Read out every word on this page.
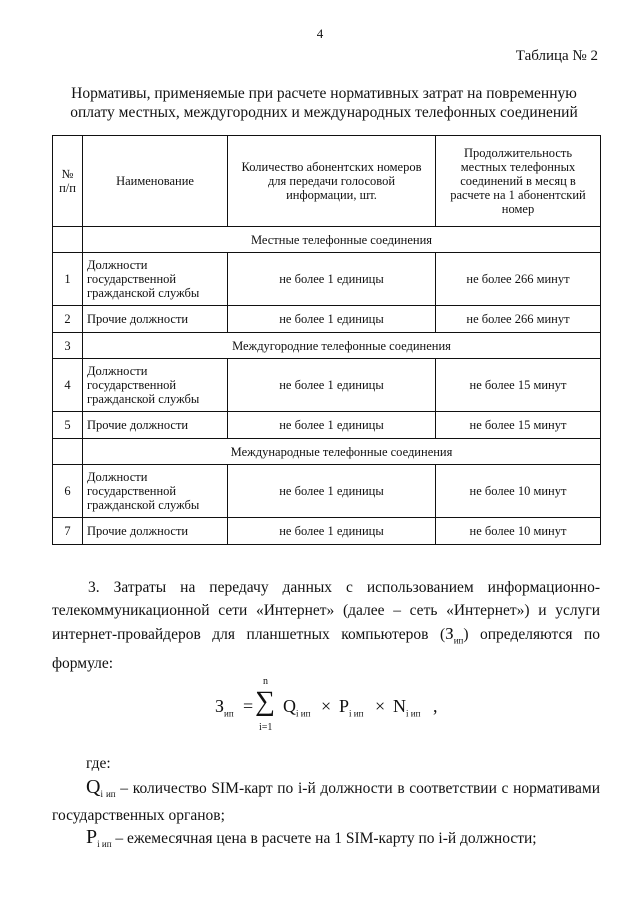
4
Таблица № 2
Нормативы, применяемые при расчете нормативных затрат на повременную оплату местных, междугородних и международных телефонных соединений
№ п/п	Наименование	Количество абонентских номеров для передачи голосовой информации, шт.	Продолжительность местных телефонных соединений в месяц в расчете на 1 абонентский номер
	Местные телефонные соединения		
1	Должности государственной гражданской службы	не более 1 единицы	не более 266 минут
2	Прочие должности	не более 1 единицы	не более 266 минут
3	Междугородние телефонные соединения		
4	Должности государственной гражданской службы	не более 1 единицы	не более 15 минут
5	Прочие должности	не более 1 единицы	не более 15 минут
	Международные телефонные соединения		
6	Должности государственной гражданской службы	не более 1 единицы	не более 10 минут
7	Прочие должности	не более 1 единицы	не более 10 минут
3. Затраты на передачу данных с использованием информационно-телекоммуникационной сети «Интернет» (далее – сеть «Интернет») и услуги интернет-провайдеров для планшетных компьютеров $(З_{ип})$ определяются по формуле:
$З_{ип}$ = ∑
n
i=1
$Q_{i ип} \times P_{i ип} \times N_{i ип}$ ,
где:
$Q_{i ип}$ – количество SIM-карт по i-й должности в соответствии с нормативами государственных органов;
$P_{i ип}$ – ежемесячная цена в расчете на 1 SIM-карту по i-й должности;
